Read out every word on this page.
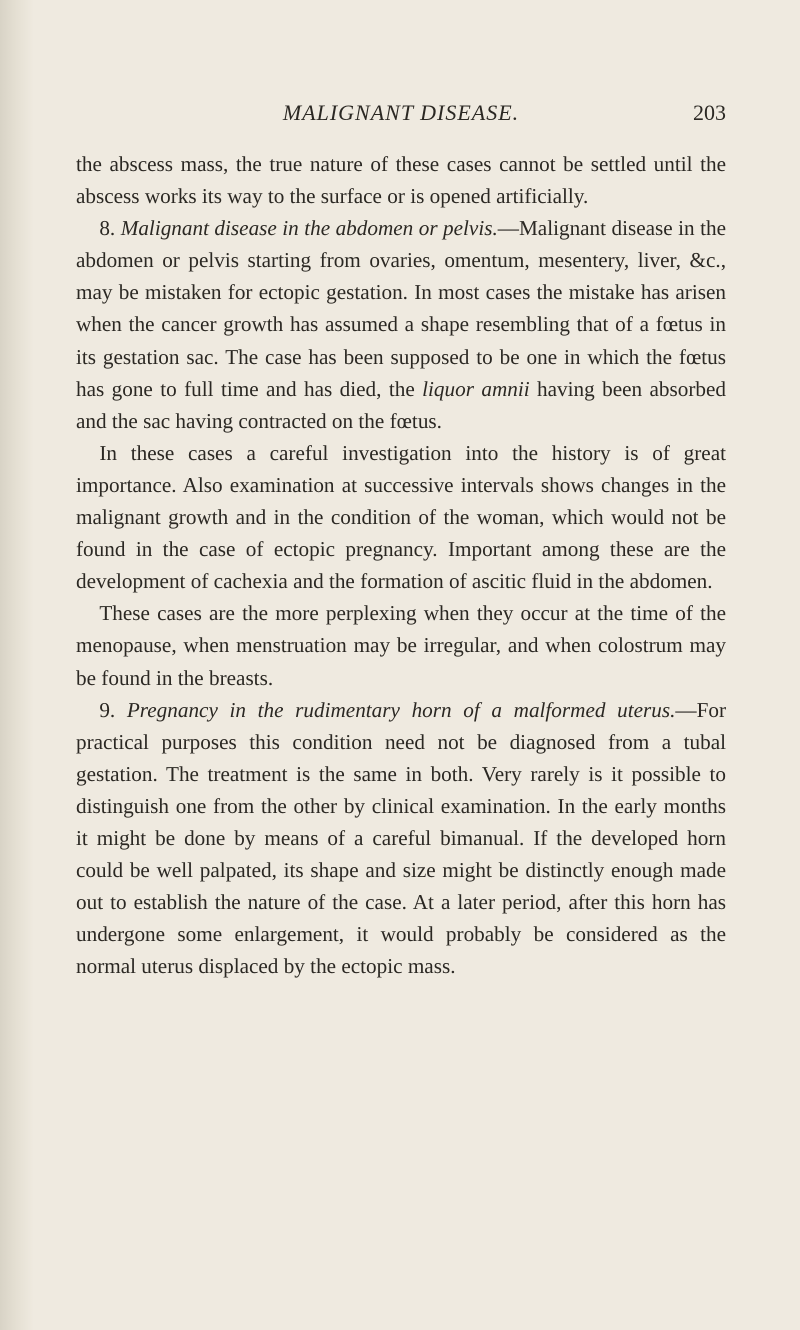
MALIGNANT DISEASE.	203

the abscess mass, the true nature of these cases cannot be settled until the abscess works its way to the surface or is opened artificially.

8. Malignant disease in the abdomen or pelvis.—Malignant disease in the abdomen or pelvis starting from ovaries, omentum, mesentery, liver, &c., may be mistaken for ectopic gestation. In most cases the mistake has arisen when the cancer growth has assumed a shape resembling that of a fœtus in its gestation sac. The case has been supposed to be one in which the fœtus has gone to full time and has died, the liquor amnii having been absorbed and the sac having contracted on the fœtus.

In these cases a careful investigation into the history is of great importance. Also examination at successive intervals shows changes in the malignant growth and in the condition of the woman, which would not be found in the case of ectopic pregnancy. Important among these are the development of cachexia and the formation of ascitic fluid in the abdomen.

These cases are the more perplexing when they occur at the time of the menopause, when menstruation may be irregular, and when colostrum may be found in the breasts.

9. Pregnancy in the rudimentary horn of a malformed uterus.—For practical purposes this condition need not be diagnosed from a tubal gestation. The treatment is the same in both. Very rarely is it possible to distinguish one from the other by clinical examination. In the early months it might be done by means of a careful bimanual. If the developed horn could be well palpated, its shape and size might be distinctly enough made out to establish the nature of the case. At a later period, after this horn has undergone some enlargement, it would probably be considered as the normal uterus displaced by the ectopic mass.
